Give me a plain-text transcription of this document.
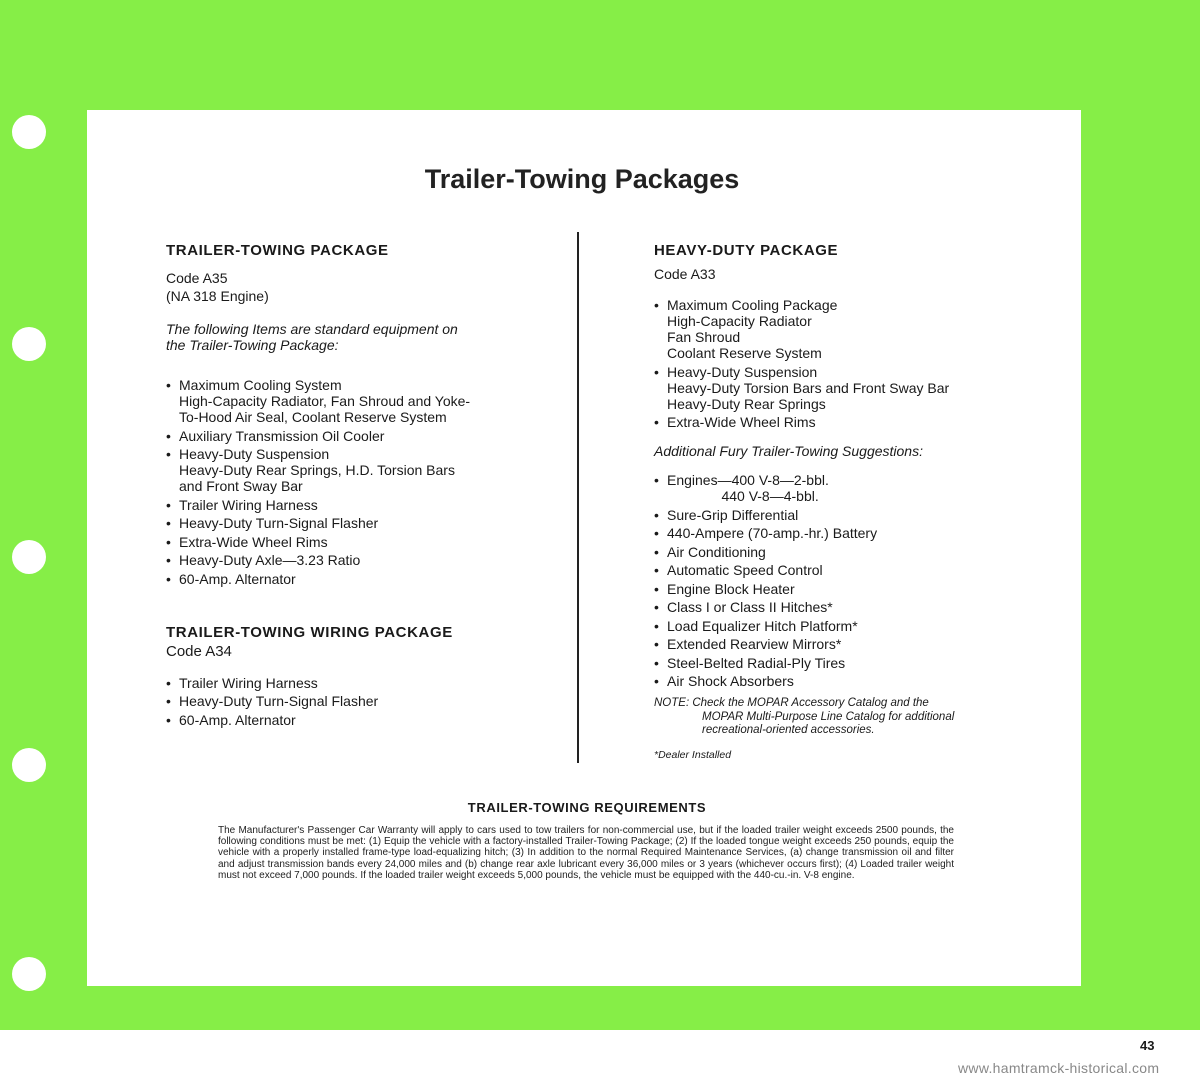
Trailer-Towing Packages

TRAILER-TOWING PACKAGE

Code A35

(NA 318 Engine)

The following Items are standard equipment on

the Trailer-Towing Package:

• Maximum Cooling System
High-Capacity Radiator, Fan Shroud and Yoke-
To-Hood Air Seal, Coolant Reserve System
• Auxiliary Transmission Oil Cooler
• Heavy-Duty Suspension
Heavy-Duty Rear Springs, H.D. Torsion Bars
and Front Sway Bar
• Trailer Wiring Harness
• Heavy-Duty Turn-Signal Flasher
• Extra-Wide Wheel Rims
• Heavy-Duty Axle—3.23 Ratio
• 60-Amp. Alternator

TRAILER-TOWING WIRING PACKAGE

Code A34

• Trailer Wiring Harness
• Heavy-Duty Turn-Signal Flasher
• 60-Amp. Alternator

HEAVY-DUTY PACKAGE

Code A33

• Maximum Cooling Package
High-Capacity Radiator
Fan Shroud
Coolant Reserve System
• Heavy-Duty Suspension
Heavy-Duty Torsion Bars and Front Sway Bar
Heavy-Duty Rear Springs
• Extra-Wide Wheel Rims

Additional Fury Trailer-Towing Suggestions:

• Engines—400 V-8—2-bbl.
440 V-8—4-bbl.
• Sure-Grip Differential
• 440-Ampere (70-amp.-hr.) Battery
• Air Conditioning
• Automatic Speed Control
• Engine Block Heater
• Class I or Class II Hitches*
• Load Equalizer Hitch Platform*
• Extended Rearview Mirrors*
• Steel-Belted Radial-Ply Tires
• Air Shock Absorbers
NOTE: Check the MOPAR Accessory Catalog and the
MOPAR Multi-Purpose Line Catalog for additional
recreational-oriented accessories.
*Dealer Installed
TRAILER-TOWING REQUIREMENTS
The Manufacturer's Passenger Car Warranty will apply to cars used to tow trailers for non-commercial use, but if the loaded trailer weight exceeds 2500 pounds, the following conditions must be met: (1) Equip the vehicle with a factory-installed Trailer-Towing Package; (2) If the loaded tongue weight exceeds 250 pounds, equip the vehicle with a properly installed frame-type load-equalizing hitch; (3) In addition to the normal Required Maintenance Services, (a) change transmission oil and filter and adjust transmission bands every 24,000 miles and (b) change rear axle lubricant every 36,000 miles or 3 years (whichever occurs first); (4) Loaded trailer weight must not exceed 7,000 pounds. If the loaded trailer weight exceeds 5,000 pounds, the vehicle must be equipped with the 440-cu.-in. V-8 engine.
43
www.hamtramck-historical.com
